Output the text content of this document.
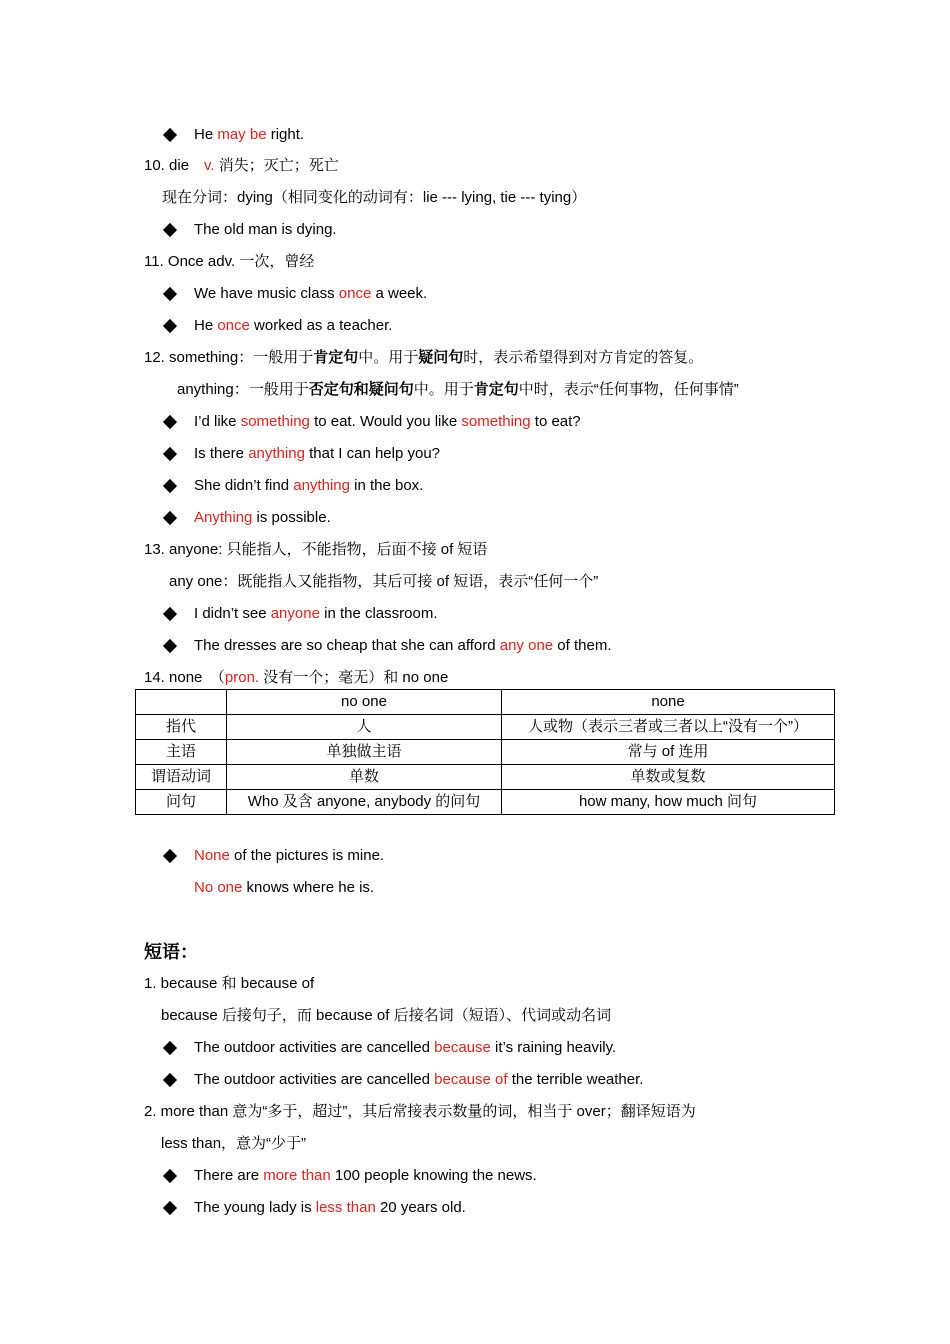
He may be right.
10. die　v. 消失；灭亡；死亡
现在分词：dying（相同变化的动词有：lie --- lying, tie --- tying）
The old man is dying.
11. Once adv. 一次，曾经
We have music class once a week.
He once worked as a teacher.
12. something：一般用于肯定句中。用于疑问句时，表示希望得到对方肯定的答复。
anything：一般用于否定句和疑问句中。用于肯定句中时，表示“任何事物，任何事情”
I’d like something to eat. Would you like something to eat?
Is there anything that I can help you?
She didn’t find anything in the box.
Anything is possible.
13. anyone: 只能指人，不能指物，后面不接 of 短语
any one：既能指人又能指物，其后可接 of 短语，表示“任何一个”
I didn’t see anyone in the classroom.
The dresses are so cheap that she can afford any one of them.
14. none　（pron. 没有一个；毫无）和 no one
	no one	none
指代	人	人或物（表示三者或三者以上“没有一个”）
主语	单独做主语	常与 of 连用
谓语动词	单数	单数或复数
问句	Who 及含 anyone, anybody 的问句	how many, how much 问句
None of the pictures is mine.
No one knows where he is.
短语：
1. because 和 because of
because 后接句子，而 because of 后接名词（短语）、代词或动名词
The outdoor activities are cancelled because it’s raining heavily.
The outdoor activities are cancelled because of the terrible weather.
2. more than 意为“多于，超过”，其后常接表示数量的词，相当于 over；翻译短语为
less than，意为“少于”
There are more than 100 people knowing the news.
The young lady is less than 20 years old.
